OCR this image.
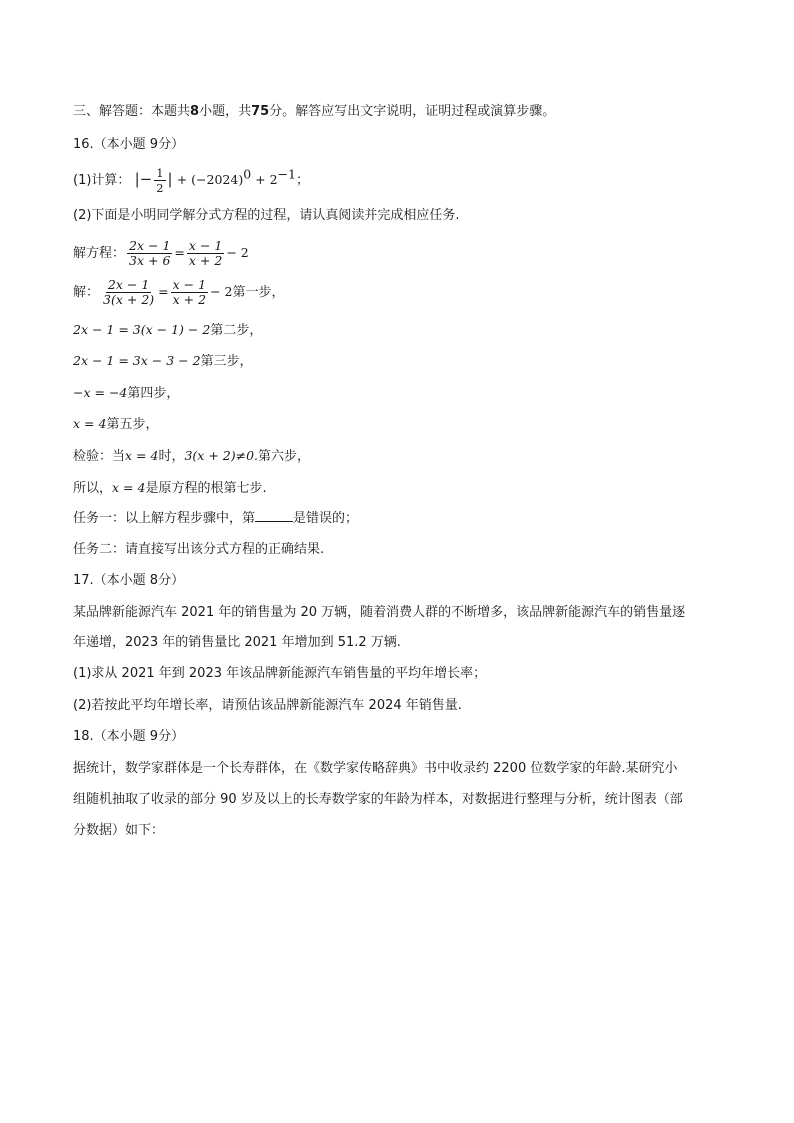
三、解答题：本题共8小题，共75分。解答应写出文字说明，证明过程或演算步骤。
16.（本小题 9分）
(1)计算： |− $\frac{1}{2}$ | + $(-2024)^0 + 2^{-1}$；
(2)下面是小明同学解分式方程的过程，请认真阅读并完成相应任务.
解方程： $\frac{2x - 1}{3x + 6} = \frac{x - 1}{x + 2} - 2$
解： $\frac{2x - 1}{3(x + 2)} = \frac{x - 1}{x + 2} - 2$第一步，
2x − 1 = 3(x − 1) − 2第二步，
2x − 1 = 3x − 3 − 2第三步，
−x = −4第四步，
x = 4第五步，
检验：当x = 4时，3(x + 2)≠0.第六步，
所以，x = 4是原方程的根第七步.
任务一：以上解方程步骤中，第	是错误的；
任务二：请直接写出该分式方程的正确结果.
17.（本小题 8分）
某品牌新能源汽车 2021 年的销售量为 20 万辆，随着消费人群的不断增多，该品牌新能源汽车的销售量逐
年递增，2023 年的销售量比 2021 年增加到 51.2 万辆.
(1)求从 2021 年到 2023 年该品牌新能源汽车销售量的平均年增长率；
(2)若按此平均年增长率，请预估该品牌新能源汽车 2024 年销售量.
18.（本小题 9分）
据统计，数学家群体是一个长寿群体，在《数学家传略辞典》书中收录约 2200 位数学家的年龄.某研究小
组随机抽取了收录的部分 90 岁及以上的长寿数学家的年龄为样本，对数据进行整理与分析，统计图表（部
分数据）如下：
